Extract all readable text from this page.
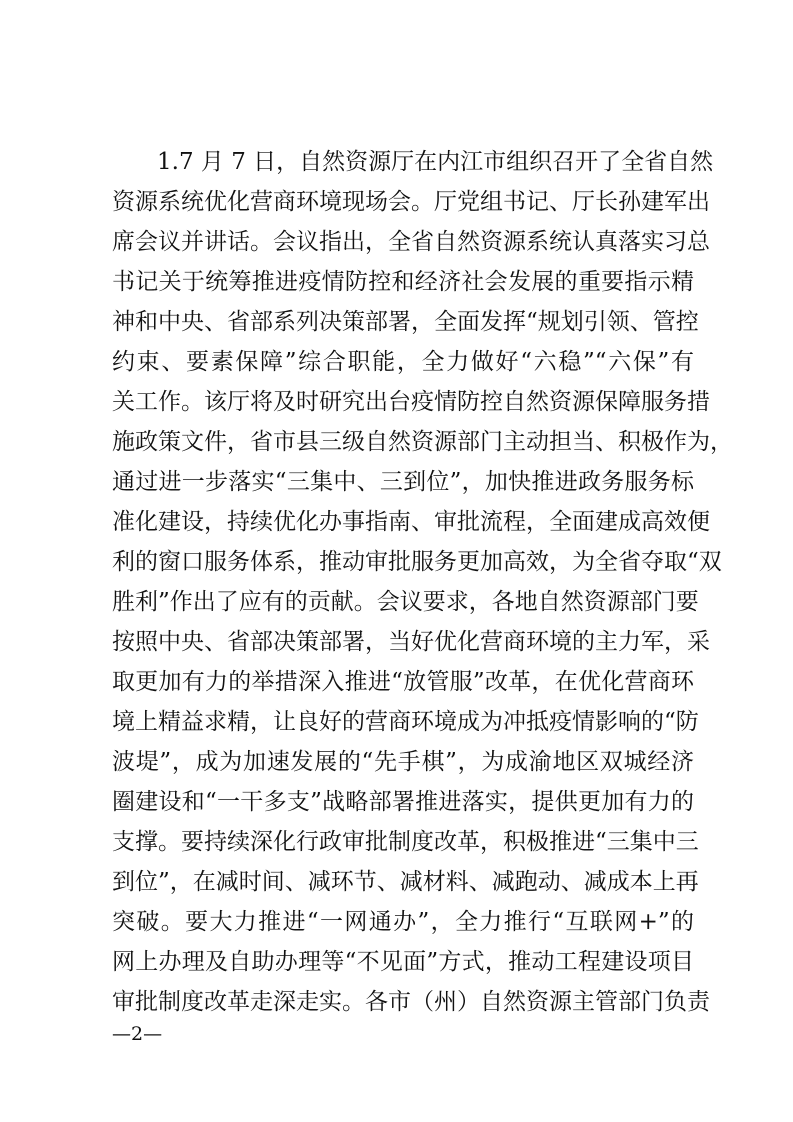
1.7 月 7 日，自然资源厅在内江市组织召开了全省自然
资源系统优化营商环境现场会。厅党组书记、厅长孙建军出
席会议并讲话。会议指出，全省自然资源系统认真落实习总
书记关于统筹推进疫情防控和经济社会发展的重要指示精
神和中央、省部系列决策部署，全面发挥“规划引领、管控
约束、要素保障”综合职能，全力做好“六稳”“六保”有
关工作。该厅将及时研究出台疫情防控自然资源保障服务措
施政策文件，省市县三级自然资源部门主动担当、积极作为，
通过进一步落实“三集中、三到位”，加快推进政务服务标
准化建设，持续优化办事指南、审批流程，全面建成高效便
利的窗口服务体系，推动审批服务更加高效，为全省夺取“双
胜利”作出了应有的贡献。会议要求，各地自然资源部门要
按照中央、省部决策部署，当好优化营商环境的主力军，采
取更加有力的举措深入推进“放管服”改革，在优化营商环
境上精益求精，让良好的营商环境成为冲抵疫情影响的“防
波堤”，成为加速发展的“先手棋”，为成渝地区双城经济
圈建设和“一干多支”战略部署推进落实，提供更加有力的
支撑。要持续深化行政审批制度改革，积极推进“三集中三
到位”，在减时间、减环节、减材料、减跑动、减成本上再
突破。要大力推进“一网通办”，全力推行“互联网+”的
网上办理及自助办理等“不见面”方式，推动工程建设项目
审批制度改革走深走实。各市（州）自然资源主管部门负责
—2—
